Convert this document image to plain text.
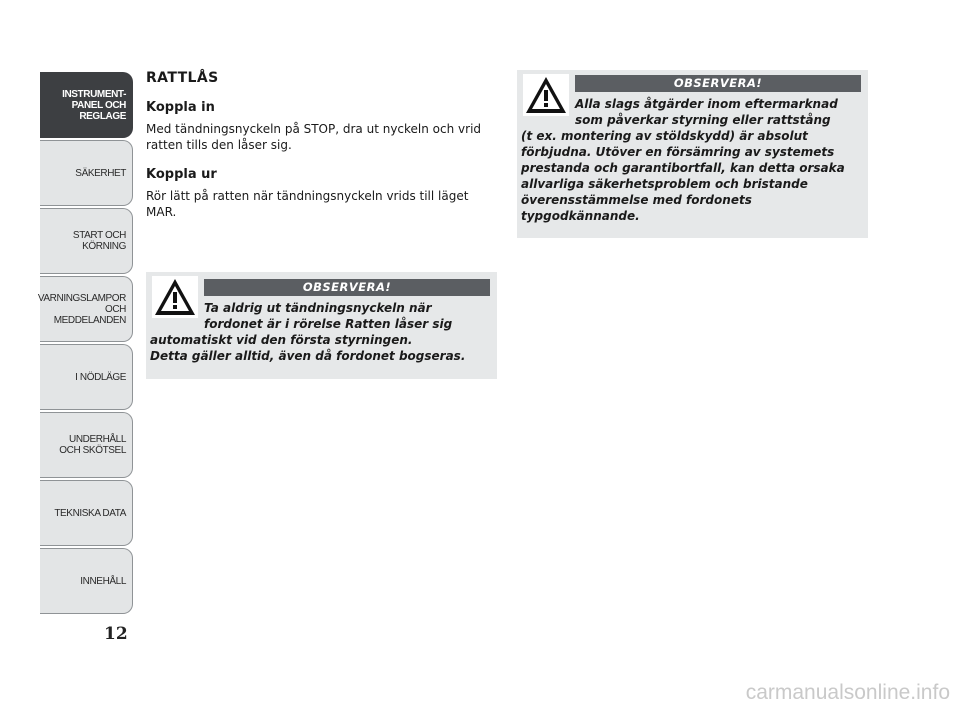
INSTRUMENT-
PANEL OCH
REGLAGE
SÄKERHET
START OCH
KÖRNING
VARNINGSLAMPOR
OCH
MEDDELANDEN
I NÖDLÄGE
UNDERHÅLL
OCH SKÖTSEL
TEKNISKA DATA
INNEHÅLL
12
RATTLÅS
Koppla in
Med tändningsnyckeln på STOP, dra ut nyckeln och vrid ratten tills den låser sig.
Koppla ur
Rör lätt på ratten när tändningsnyckeln vrids till läget MAR.
OBSERVERA!
Ta aldrig ut tändningsnyckeln när fordonet är i rörelse Ratten låser sig
automatiskt vid den första styrningen.
Detta gäller alltid, även då fordonet bogseras.
OBSERVERA!
Alla slags åtgärder inom eftermarknad som påverkar styrning eller rattstång
(t ex. montering av stöldskydd) är absolut förbjudna. Utöver en försämring av systemets prestanda och garantibortfall, kan detta orsaka allvarliga säkerhetsproblem och bristande överensstämmelse med fordonets typgodkännande.
carmanualsonline.info
